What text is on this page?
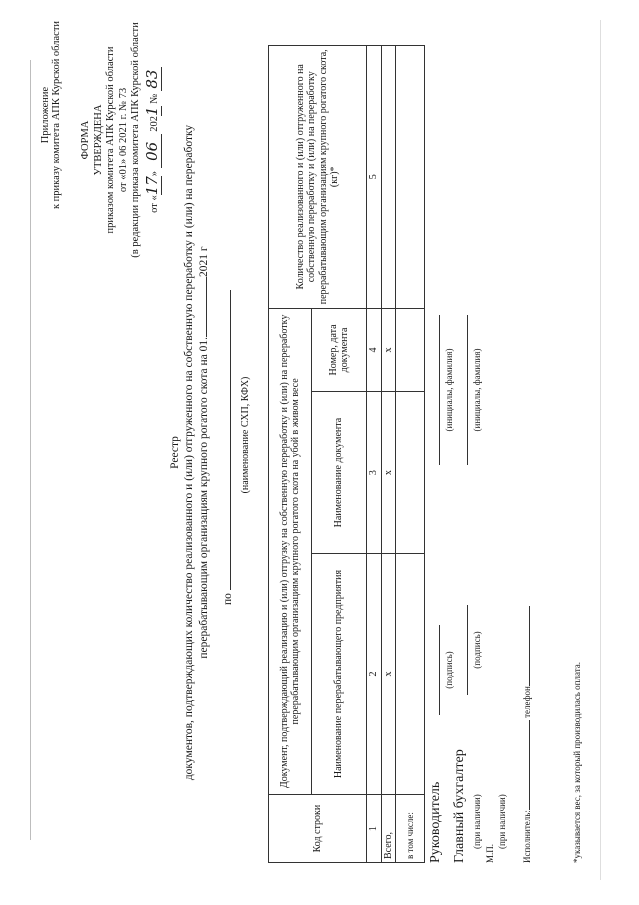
Приложение к приказу комитета АПК Курской области ФОРМА УТВЕРЖДЕНА приказом комитета АПК Курской области от «01» 06 2021 г. № 73 (в редакции приказа комитета АПК Курской области от «17» 06 2021 № 83
Реестр документов, подтверждающих количество реализованного и (или) отгруженного на собственную переработку и (или) на переработку перерабатывающим организациям крупного рогатого скота на 01.2021 г
по
(наименование СХП, КФХ)
Код строки	Документ, подтверждающий реализацию и (или) отгрузку на собственную переработку и (или) на переработку перерабатывающим организациям крупного рогатого скота на убой в живом весе			Количество реализованного и (или) отгруженного на собственную переработку и (или) на переработку перерабатывающим организациям крупного рогатого скота, (кг)*
	Наименование перерабатывающего предприятия	Наименование документа	Номер, дата документа	
1	2	3	4	5
Всего,	x	x	x	
в том числе:				Руководитель
(подпись)
(инициалы, фамилия)
Главный бухгалтер (при наличии)
(подпись)
(инициалы, фамилия)
М.П.
(при наличии) Исполнитель: телефон	*указывается вес, за который производилась оплата.
